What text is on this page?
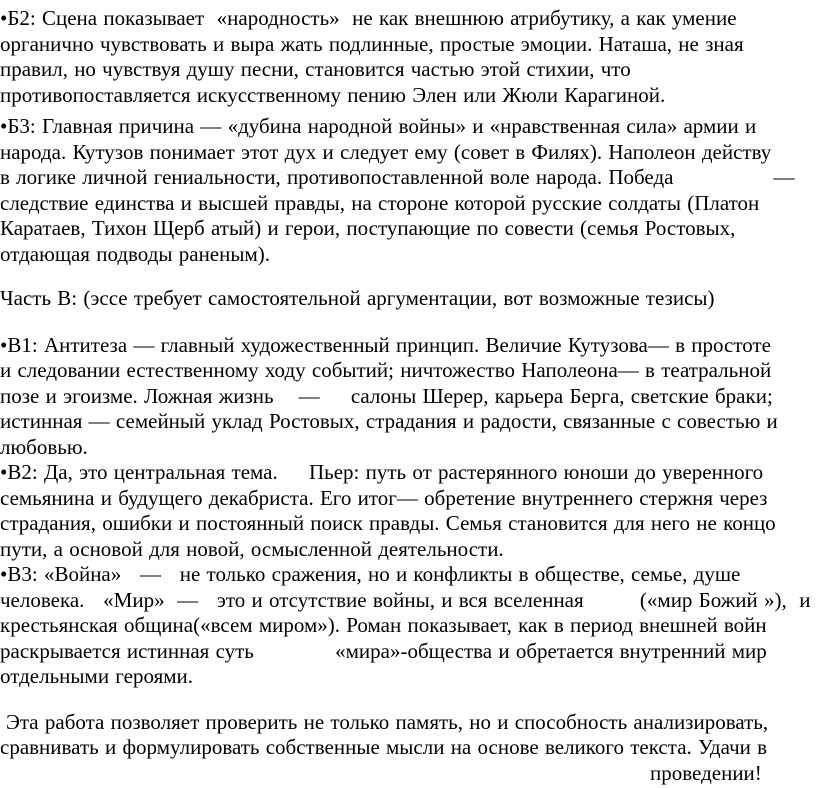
•Б2: Сцена показывает  «народность»  не как внешнюю атрибутику, а как умение
органично чувствовать и выра жать подлинные, простые эмоции. Наташа, не зная
правил, но чувствуя душу песни, становится частью этой стихии, что
противопоставляется искусственному пению Элен или Жюли Карагиной.
•Б3: Главная причина — «дубина народной войны» и «нравственная сила» армии и
народа. Кутузов понимает этот дух и следует ему (совет в Филях). Наполеон действу
в логике личной гениальности, противопоставленной воле народа. Победа                —
следствие единства и высшей правды, на стороне которой русские солдаты (Платон
Каратаев, Тихон Щерб атый) и герои, поступающие по совести (семья Ростовых,
отдающая подводы раненым).
Часть В: (эссе требует самостоятельной аргументации, вот возможные тезисы)
•В1: Антитеза — главный художественный принцип. Величие Кутузова— в простоте
и следовании естественному ходу событий; ничтожество Наполеона— в театральной
позе и эгоизме. Ложная жизнь    —     салоны Шерер, карьера Берга, светские браки;
истинная — семейный уклад Ростовых, страдания и радости, связанные с совестью и
любовью.
•В2: Да, это центральная тема.     Пьер: путь от растерянного юноши до уверенного
семьянина и будущего декабриста. Его итог— обретение внутреннего стержня через
страдания, ошибки и постоянный поиск правды. Семья становится для него не концо
пути, а основой для новой, осмысленной деятельности.
•В3: «Война»   —   не только сражения, но и конфликты в обществе, семье, душе
человека.   «Мир»  —   это и отсутствие войны, и вся вселенная         («мир Божий »),  и
крестьянская община(«всем миром»). Роман показывает, как в период внешней войн
раскрывается истинная суть             «мира»-общества и обретается внутренний мир
отдельными героями.
Эта работа позволяет проверить не только память, но и способность анализировать,
сравнивать и формулировать собственные мысли на основе великого текста. Удачи в
проведении!
